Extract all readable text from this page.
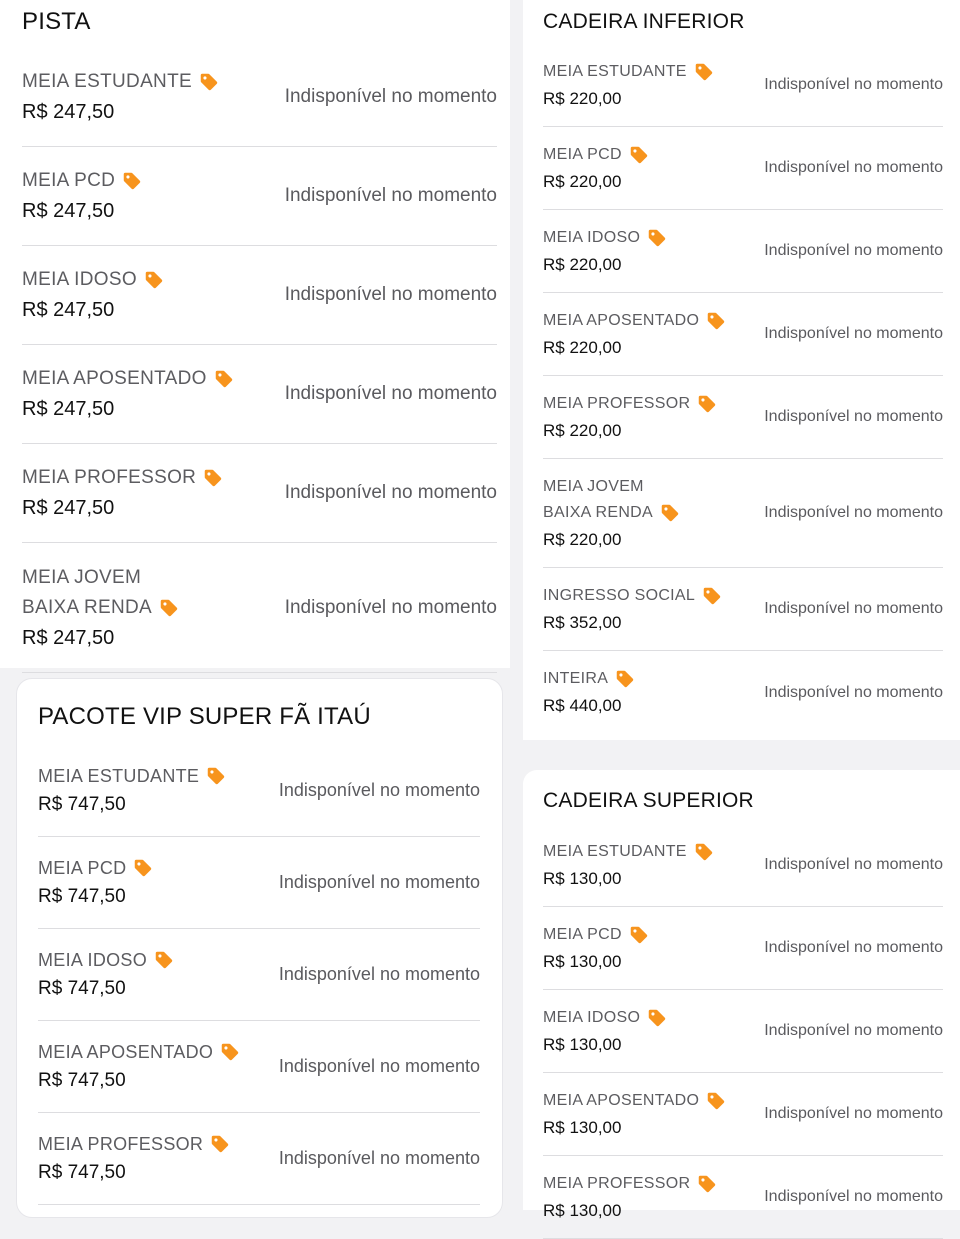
PISTA
MEIA ESTUDANTE
R$ 247,50
Indisponível no momento
MEIA PCD
R$ 247,50
Indisponível no momento
MEIA IDOSO
R$ 247,50
Indisponível no momento
MEIA APOSENTADO
R$ 247,50
Indisponível no momento
MEIA PROFESSOR
R$ 247,50
Indisponível no momento
MEIA JOVEM
BAIXA RENDA
R$ 247,50
Indisponível no momento
PACOTE VIP SUPER FÃ ITAÚ
MEIA ESTUDANTE
R$ 747,50
Indisponível no momento
MEIA PCD
R$ 747,50
Indisponível no momento
MEIA IDOSO
R$ 747,50
Indisponível no momento
MEIA APOSENTADO
R$ 747,50
Indisponível no momento
MEIA PROFESSOR
R$ 747,50
Indisponível no momento
CADEIRA INFERIOR
MEIA ESTUDANTE
R$ 220,00
Indisponível no momento
MEIA PCD
R$ 220,00
Indisponível no momento
MEIA IDOSO
R$ 220,00
Indisponível no momento
MEIA APOSENTADO
R$ 220,00
Indisponível no momento
MEIA PROFESSOR
R$ 220,00
Indisponível no momento
MEIA JOVEM
BAIXA RENDA
R$ 220,00
Indisponível no momento
INGRESSO SOCIAL
R$ 352,00
Indisponível no momento
INTEIRA
R$ 440,00
Indisponível no momento
CADEIRA SUPERIOR
MEIA ESTUDANTE
R$ 130,00
Indisponível no momento
MEIA PCD
R$ 130,00
Indisponível no momento
MEIA IDOSO
R$ 130,00
Indisponível no momento
MEIA APOSENTADO
R$ 130,00
Indisponível no momento
MEIA PROFESSOR
R$ 130,00
Indisponível no momento
